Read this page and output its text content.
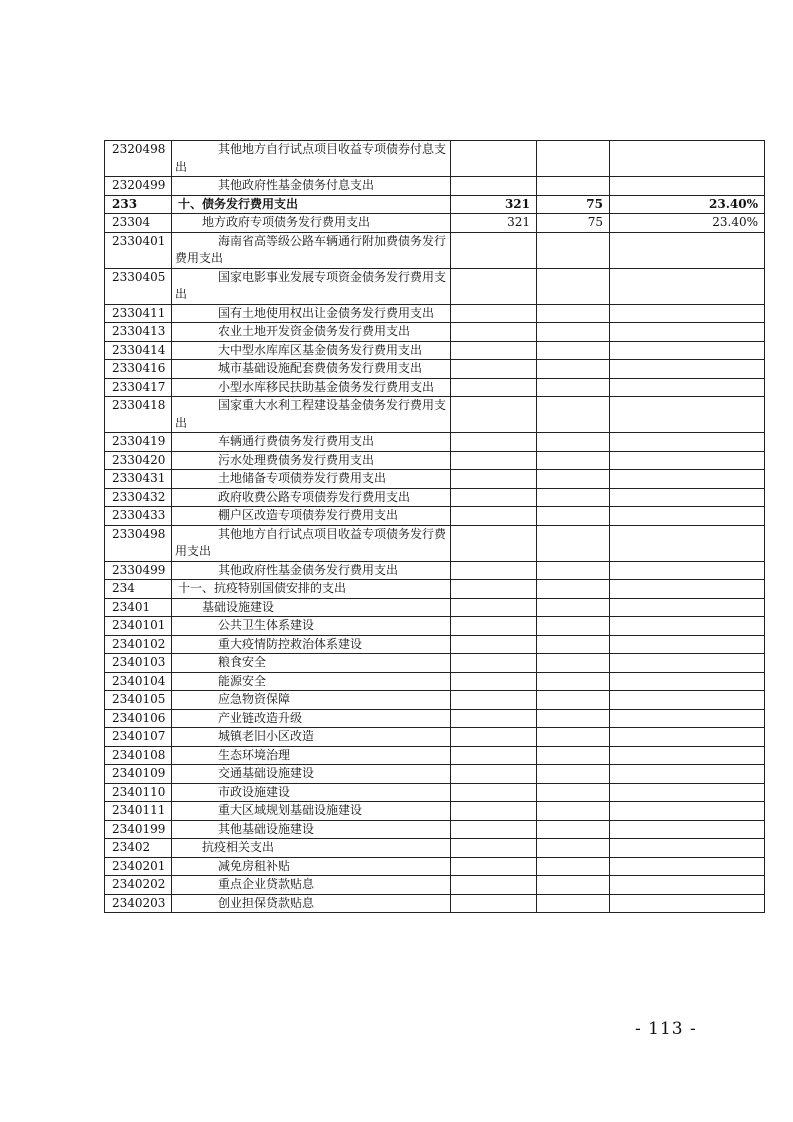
2320498	其他地方自行试点项目收益专项债券付息支出			
2320499	其他政府性基金债务付息支出			
233	十、债务发行费用支出	321	75	23.40%
23304	地方政府专项债务发行费用支出	321	75	23.40%
2330401	海南省高等级公路车辆通行附加费债务发行费用支出			
2330405	国家电影事业发展专项资金债务发行费用支出			
2330411	国有土地使用权出让金债务发行费用支出			
2330413	农业土地开发资金债务发行费用支出			
2330414	大中型水库库区基金债务发行费用支出			
2330416	城市基础设施配套费债务发行费用支出			
2330417	小型水库移民扶助基金债务发行费用支出			
2330418	国家重大水利工程建设基金债务发行费用支出			
2330419	车辆通行费债务发行费用支出			
2330420	污水处理费债务发行费用支出			
2330431	土地储备专项债券发行费用支出			
2330432	政府收费公路专项债券发行费用支出			
2330433	棚户区改造专项债券发行费用支出			
2330498	其他地方自行试点项目收益专项债务发行费用支出			
2330499	其他政府性基金债务发行费用支出			
234	十一、抗疫特别国债安排的支出			
23401	基础设施建设			
2340101	公共卫生体系建设			
2340102	重大疫情防控救治体系建设			
2340103	粮食安全			
2340104	能源安全			
2340105	应急物资保障			
2340106	产业链改造升级			
2340107	城镇老旧小区改造			
2340108	生态环境治理			
2340109	交通基础设施建设			
2340110	市政设施建设			
2340111	重大区域规划基础设施建设			
2340199	其他基础设施建设			
23402	抗疫相关支出			
2340201	减免房租补贴			
2340202	重点企业贷款贴息			
2340203	创业担保贷款贴息			
- 113 -
